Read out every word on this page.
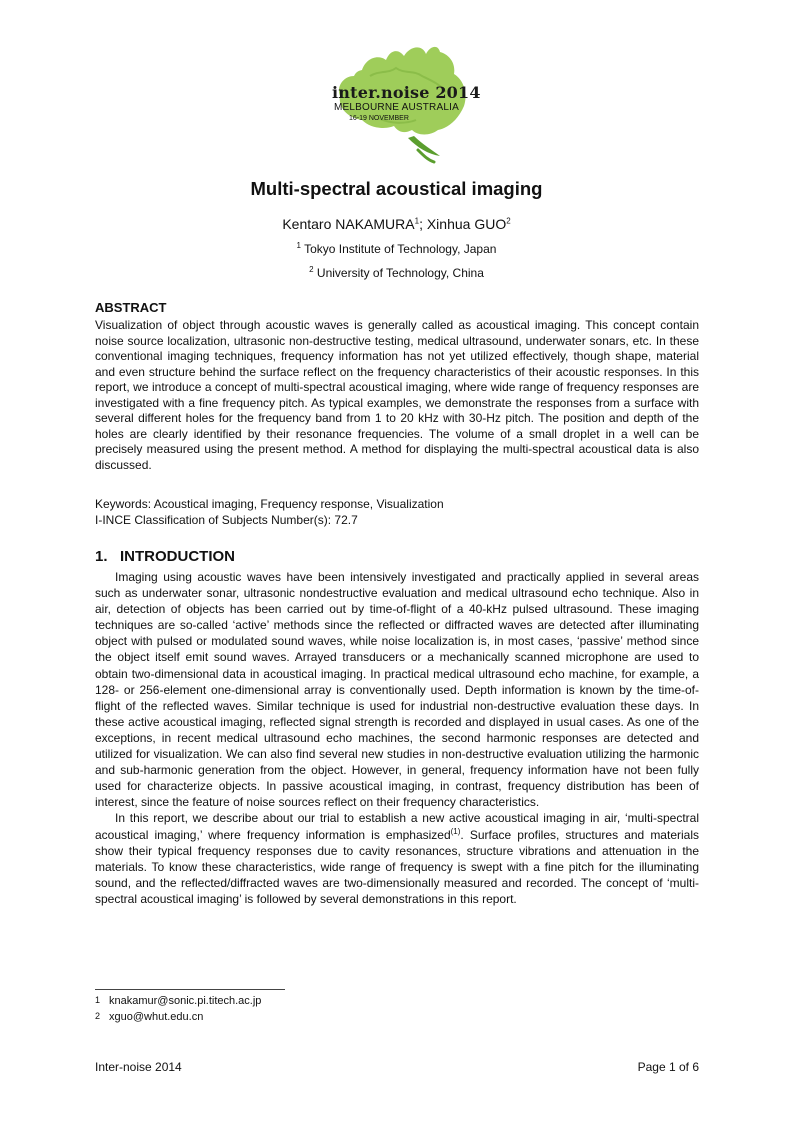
inter.noise 2014
MELBOURNE AUSTRALIA
16-19 NOVEMBER
Multi-spectral acoustical imaging
Kentaro NAKAMURA$^1$; Xinhua GUO$^2$
$^1$ Tokyo Institute of Technology, Japan
$^2$ University of Technology, China
ABSTRACT
Visualization of object through acoustic waves is generally called as acoustical imaging. This concept contain noise source localization, ultrasonic non-destructive testing, medical ultrasound, underwater sonars, etc. In these conventional imaging techniques, frequency information has not yet utilized effectively, though shape, material and even structure behind the surface reflect on the frequency characteristics of their acoustic responses. In this report, we introduce a concept of multi-spectral acoustical imaging, where wide range of frequency responses are investigated with a fine frequency pitch. As typical examples, we demonstrate the responses from a surface with several different holes for the frequency band from 1 to 20 kHz with 30-Hz pitch. The position and depth of the holes are clearly identified by their resonance frequencies. The volume of a small droplet in a well can be precisely measured using the present method. A method for displaying the multi-spectral acoustical data is also discussed.
Keywords: Acoustical imaging, Frequency response, Visualization
I-INCE Classification of Subjects Number(s): 72.7
1. INTRODUCTION

Imaging using acoustic waves have been intensively investigated and practically applied in several areas such as underwater sonar, ultrasonic nondestructive evaluation and medical ultrasound echo technique. Also in air, detection of objects has been carried out by time-of-flight of a 40-kHz pulsed ultrasound. These imaging techniques are so-called ‘active’ methods since the reflected or diffracted waves are detected after illuminating object with pulsed or modulated sound waves, while noise localization is, in most cases, ‘passive’ method since the object itself emit sound waves. Arrayed transducers or a mechanically scanned microphone are used to obtain two-dimensional data in acoustical imaging. In practical medical ultrasound echo machine, for example, a 128- or 256-element one-dimensional array is conventionally used. Depth information is known by the time-of-flight of the reflected waves. Similar technique is used for industrial non-destructive evaluation these days. In these active acoustical imaging, reflected signal strength is recorded and displayed in usual cases. As one of the exceptions, in recent medical ultrasound echo machines, the second harmonic responses are detected and utilized for visualization. We can also find several new studies in non-destructive evaluation utilizing the harmonic and sub-harmonic generation from the object. However, in general, frequency information have not been fully used for characterize objects. In passive acoustical imaging, in contrast, frequency distribution has been of interest, since the feature of noise sources reflect on their frequency characteristics.

In this report, we describe about our trial to establish a new active acoustical imaging in air, ‘multi-spectral acoustical imaging,’ where frequency information is emphasized$^{(1)}$. Surface profiles, structures and materials show their typical frequency responses due to cavity resonances, structure vibrations and attenuation in the materials. To know these characteristics, wide range of frequency is swept with a fine pitch for the illuminating sound, and the reflected/diffracted waves are two-dimensionally measured and recorded. The concept of ‘multi-spectral acoustical imaging’ is followed by several demonstrations in this report.

1 knakamur@sonic.pi.titech.ac.jp
2 xguo@whut.edu.cn
Inter-noise 2014	Page 1 of 6
